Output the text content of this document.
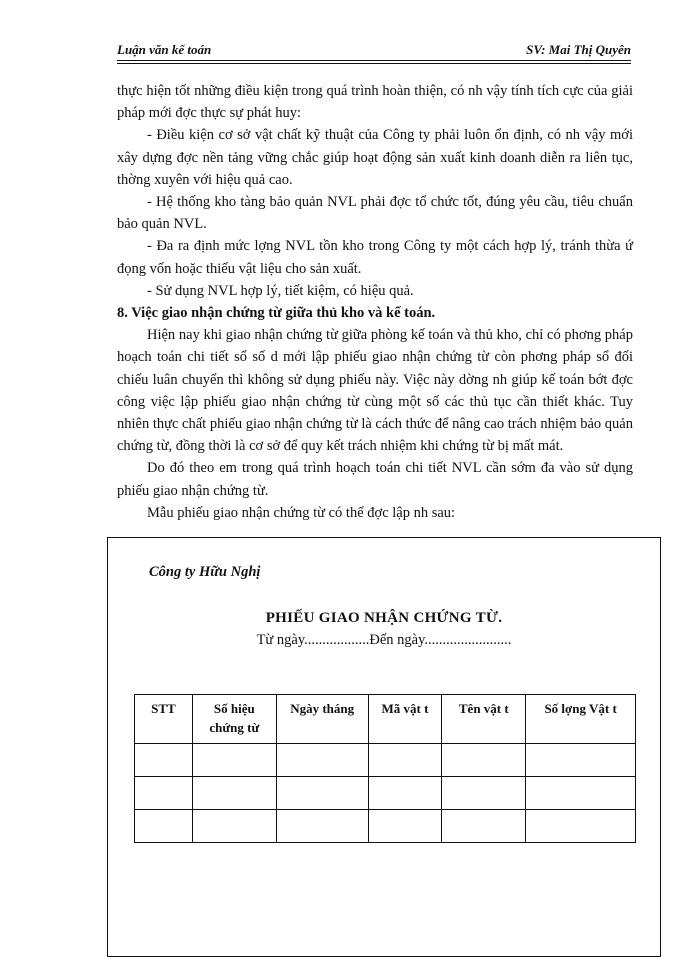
Luận văn kế toán	SV: Mai Thị Quyên

thực hiện tốt những điều kiện trong quá trình hoàn thiện, có nh vậy tính tích cực của giải pháp mới đợc thực sự phát huy:

- Điều kiện cơ sở vật chất kỹ thuật của Công ty phải luôn ổn định, có nh vậy mới xây dựng đợc nền tảng vững chắc giúp hoạt động sản xuất kinh doanh diễn ra liên tục, thờng xuyên với hiệu quả cao.

- Hệ thống kho tàng bảo quản NVL phải đợc tổ chức tốt, đúng yêu cầu, tiêu chuẩn bảo quản NVL.

- Đa ra định mức lợng NVL tồn kho trong Công ty một cách hợp lý, tránh thừa ứ đọng vốn hoặc thiếu vật liệu cho sản xuất.

- Sử dụng NVL hợp lý, tiết kiệm, có hiệu quả.

8. Việc giao nhận chứng từ giữa thủ kho và kế toán.

Hiện nay khi giao nhận chứng từ giữa phòng kế toán và thủ kho, chỉ có phơng pháp hoạch toán chi tiết sổ số d mới lập phiếu giao nhận chứng từ còn phơng pháp sổ đối chiếu luân chuyển thì không sử dụng phiếu này. Việc này dờng nh giúp kế toán bớt đợc công việc lập phiếu giao nhận chứng từ cùng một số các thủ tục cần thiết khác. Tuy nhiên thực chất phiếu giao nhận chứng từ là cách thức để nâng cao trách nhiệm bảo quản chứng từ, đồng thời là cơ sở để quy kết trách nhiệm khi chứng từ bị mất mát.

Do đó theo em trong quá trình hoạch toán chi tiết NVL cần sớm đa vào sử dụng phiếu giao nhận chứng từ.

Mẫu phiếu giao nhận chứng từ có thể đợc lập nh sau:

Công ty Hữu Nghị
PHIẾU GIAO NHẬN CHỨNG TỪ.
Từ ngày..................Đến ngày........................
STT	Số hiệu chứng từ	Ngày tháng	Mã vật t	Tên vật t	Số lợng Vật t
